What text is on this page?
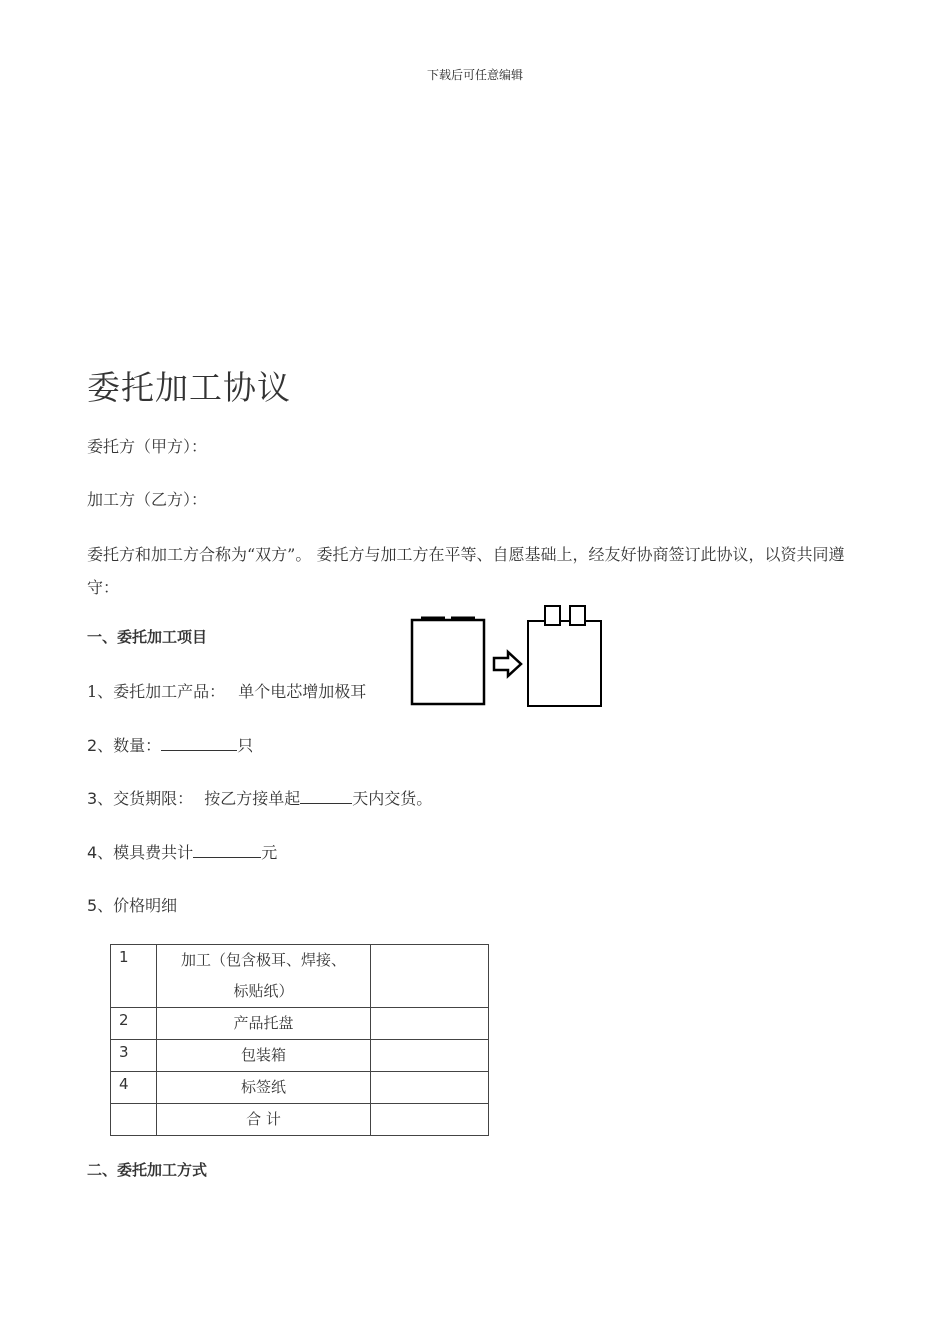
下载后可任意编辑
委托加工协议
委托方（甲方）：
加工方（乙方）：
委托方和加工方合称为“双方”。 委托方与加工方在平等、自愿基础上，经友好协商签订此协议，以资共同遵守：
一、委托加工项目
1、委托加工产品： 单个电芯增加极耳
2、数量：	只
3、交货期限： 按乙方接单起	天内交货。
4、模具费共计	元
5、价格明细
1	加工（包含极耳、焊接、
标贴纸）	

2	产品托盘	
3	包装箱	
4	标签纸	
	合 计	
二、委托加工方式
